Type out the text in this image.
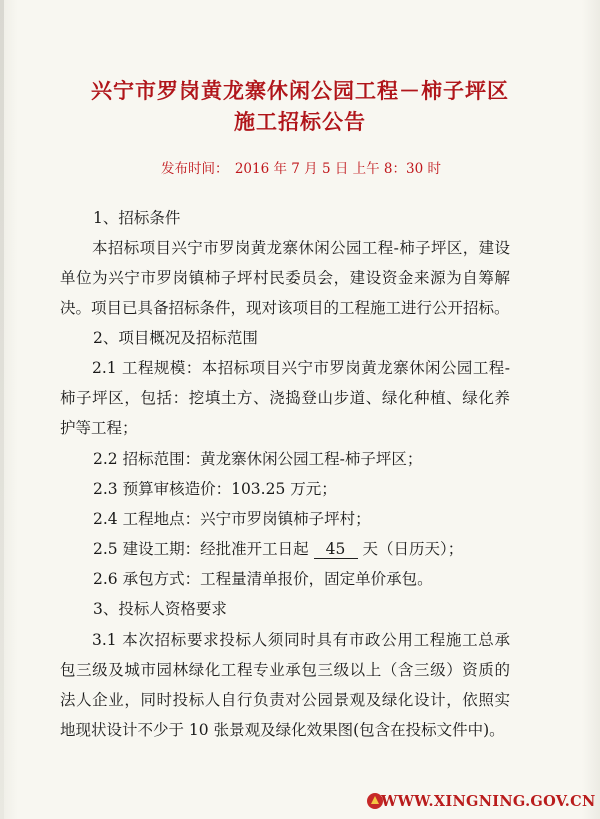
兴宁市罗岗黄龙寨休闲公园工程－柿子坪区
施工招标公告
发布时间： 2016 年 7 月 5 日 上午 8：30 时
1、招标条件
本招标项目兴宁市罗岗黄龙寨休闲公园工程-柿子坪区，建设
单位为兴宁市罗岗镇柿子坪村民委员会，建设资金来源为自筹解
决。项目已具备招标条件，现对该项目的工程施工进行公开招标。
2、项目概况及招标范围
2.1 工程规模：本招标项目兴宁市罗岗黄龙寨休闲公园工程-
柿子坪区，包括：挖填土方、浇捣登山步道、绿化种植、绿化养
护等工程；
2.2 招标范围：黄龙寨休闲公园工程-柿子坪区；
2.3 预算审核造价：103.25 万元；
2.4 工程地点：兴宁市罗岗镇柿子坪村；
2.5 建设工期：经批准开工日起 45 天（日历天）；
2.6 承包方式：工程量清单报价，固定单价承包。
3、投标人资格要求
3.1 本次招标要求投标人须同时具有市政公用工程施工总承
包三级及城市园林绿化工程专业承包三级以上（含三级）资质的
法人企业，同时投标人自行负责对公园景观及绿化设计，依照实
地现状设计不少于 10 张景观及绿化效果图(包含在投标文件中)。
WWW.XINGNING.GOV.CN
